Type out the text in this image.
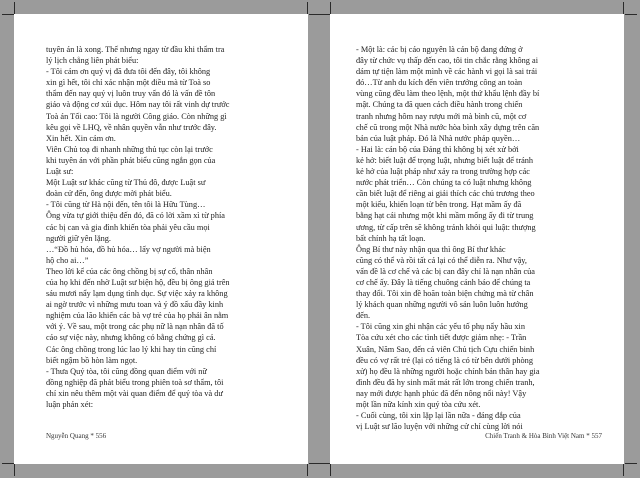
tuyên án là xong. Thế nhưng ngay từ đầu khi thẩm tra
lý lịch chẳng liên phát biểu:
- Tôi cảm ơn quý vị đã đưa tôi đến đây, tôi không
xin gì hết, tôi chỉ xác nhận một điều mà từ Toà so
thẩm đến nay quý vị luôn truy vấn đó là vấn đề tôn
giáo và động cơ xúi dục. Hôm nay tôi rất vinh dự trước
Toà án Tối cao: Tôi là người Công giáo. Còn những gì
kêu gọi về LHQ, về nhân quyền vẫn như trước đây.
Xin hết. Xin cảm ơn.
Viên Chủ toạ đi nhanh những thủ tục còn lại trước
khi tuyên án với phần phát biểu cũng ngắn gọn của
Luật sư:
Một Luật sư khác cũng từ Thủ đô, được Luật sư
đoàn cử đến, ông được mời phát biểu.
- Tôi cũng từ Hà nội đến, tên tôi là Hữu Tùng…
Ông vừa tự giới thiệu đến đó, đã có lời xầm xì từ phía
các bị can và gia đình khiến tòa phải yêu cầu mọi
người giữ yên lặng.
…“Đồ hủ hóa, đồ hủ hóa… lấy vợ người mà biện
hộ cho ai…”
Theo lời kể của các ông chồng bị sự cố, thân nhân
của họ khi đến nhờ Luật sư biện hộ, đều bị ông giả trên
sáu mươi nẩy lạm dụng tình dục. Sự việc xảy ra không
ai ngờ trước vì những mưu toan và ý đồ xấu đầy kinh
nghiệm của lão khiến các bà vợ trẻ của họ phải ân nằm
với ý. Về sau, một trong các phụ nữ là nạn nhân đã tố
cáo sự việc này, nhưng không có bằng chứng gì cả.
Các ông chồng trong lúc lao lý khi hay tin cũng chỉ
biết ngậm bồ hòn làm ngọt.
- Thưa Quý tòa, tôi cũng đồng quan điểm với nữ
đồng nghiệp đã phát biểu trong phiên toà sơ thẩm, tôi
chỉ xin nêu thêm một vài quan điểm để quý tòa và dư
luận phán xét:
Nguyễn Quang * 556
- Một là: các bị cáo nguyên là cán bộ đang đứng ở
đây từ chức vụ thấp đến cao, tôi tin chắc rằng không ai
dám tự tiện làm một mình về các hành vi gọi là sai trái
đó…Từ anh du kích đến viên trưởng công an toàn
vùng cũng đều làm theo lệnh, một thứ khẩu lệnh đầy bí
mật. Chúng ta đã quen cách điều hành trong chiến
tranh nhưng hôm nay rượu mới mà bình cũ, một cơ
chế cũ trong một Nhà nước hòa bình xây dựng trên căn
bản của luật pháp. Đó là Nhà nước pháp quyền…
- Hai là: cán bộ của Đảng thì không bị xét xử bởi
kẻ hở: biết luật để trọng luật, nhưng biết luật để tránh
kẻ hở của luật pháp như xảy ra trong trường hợp các
nước phát triển… Còn chúng ta có luật nhưng không
cần biết luật để riêng ai giải thích các chủ trương theo
một kiểu, khiến loạn từ bên trong. Hạt mầm ấy đã
bằng hạt cái nhưng một khi mầm mống ấy đi từ trung
ương, từ cấp trên sẽ không tránh khỏi qui luật: thượng
bất chính hạ tất loạn.
Ông Bí thư này nhận qua thì ông Bí thư khác
cũng có thể và rồi tất cả lại có thể diễn ra. Như vậy,
vấn đề là cơ chế và các bị can đây chỉ là nạn nhân của
cơ chế ấy. Đây là tiếng chuông cảnh báo để chúng ta
thay đổi. Tôi xin đề hoãn toàn biện chứng mà từ chân
lý khách quan những người vô sản luôn luôn hướng
đến.
- Tôi cũng xin ghi nhận các yếu tố phụ nẩy hầu xin
Tòa cứu xét cho các tình tiết được giảm nhẹ: - Trần
Xuân, Năm Sao, đến cả viên Chủ tịch Cựu chiến binh
đều có vợ rất trẻ (lại có tiếng là có từ bên dưới phòng
xử) họ đều là những người hoặc chính bản thân hay gia
đình đều đã hy sinh mất mát rất lớn trong chiến tranh,
nay mới được hạnh phúc đã đến nông nổi này! Vậy
một lần nữa kính xin quý tòa cứu xét.
- Cuối cùng, tôi xin lặp lại lần nữa - đáng đắp của
vị Luật sư lão luyện với những cử chỉ cùng lời nói
Chiến Tranh & Hòa Bình Việt Nam * 557
